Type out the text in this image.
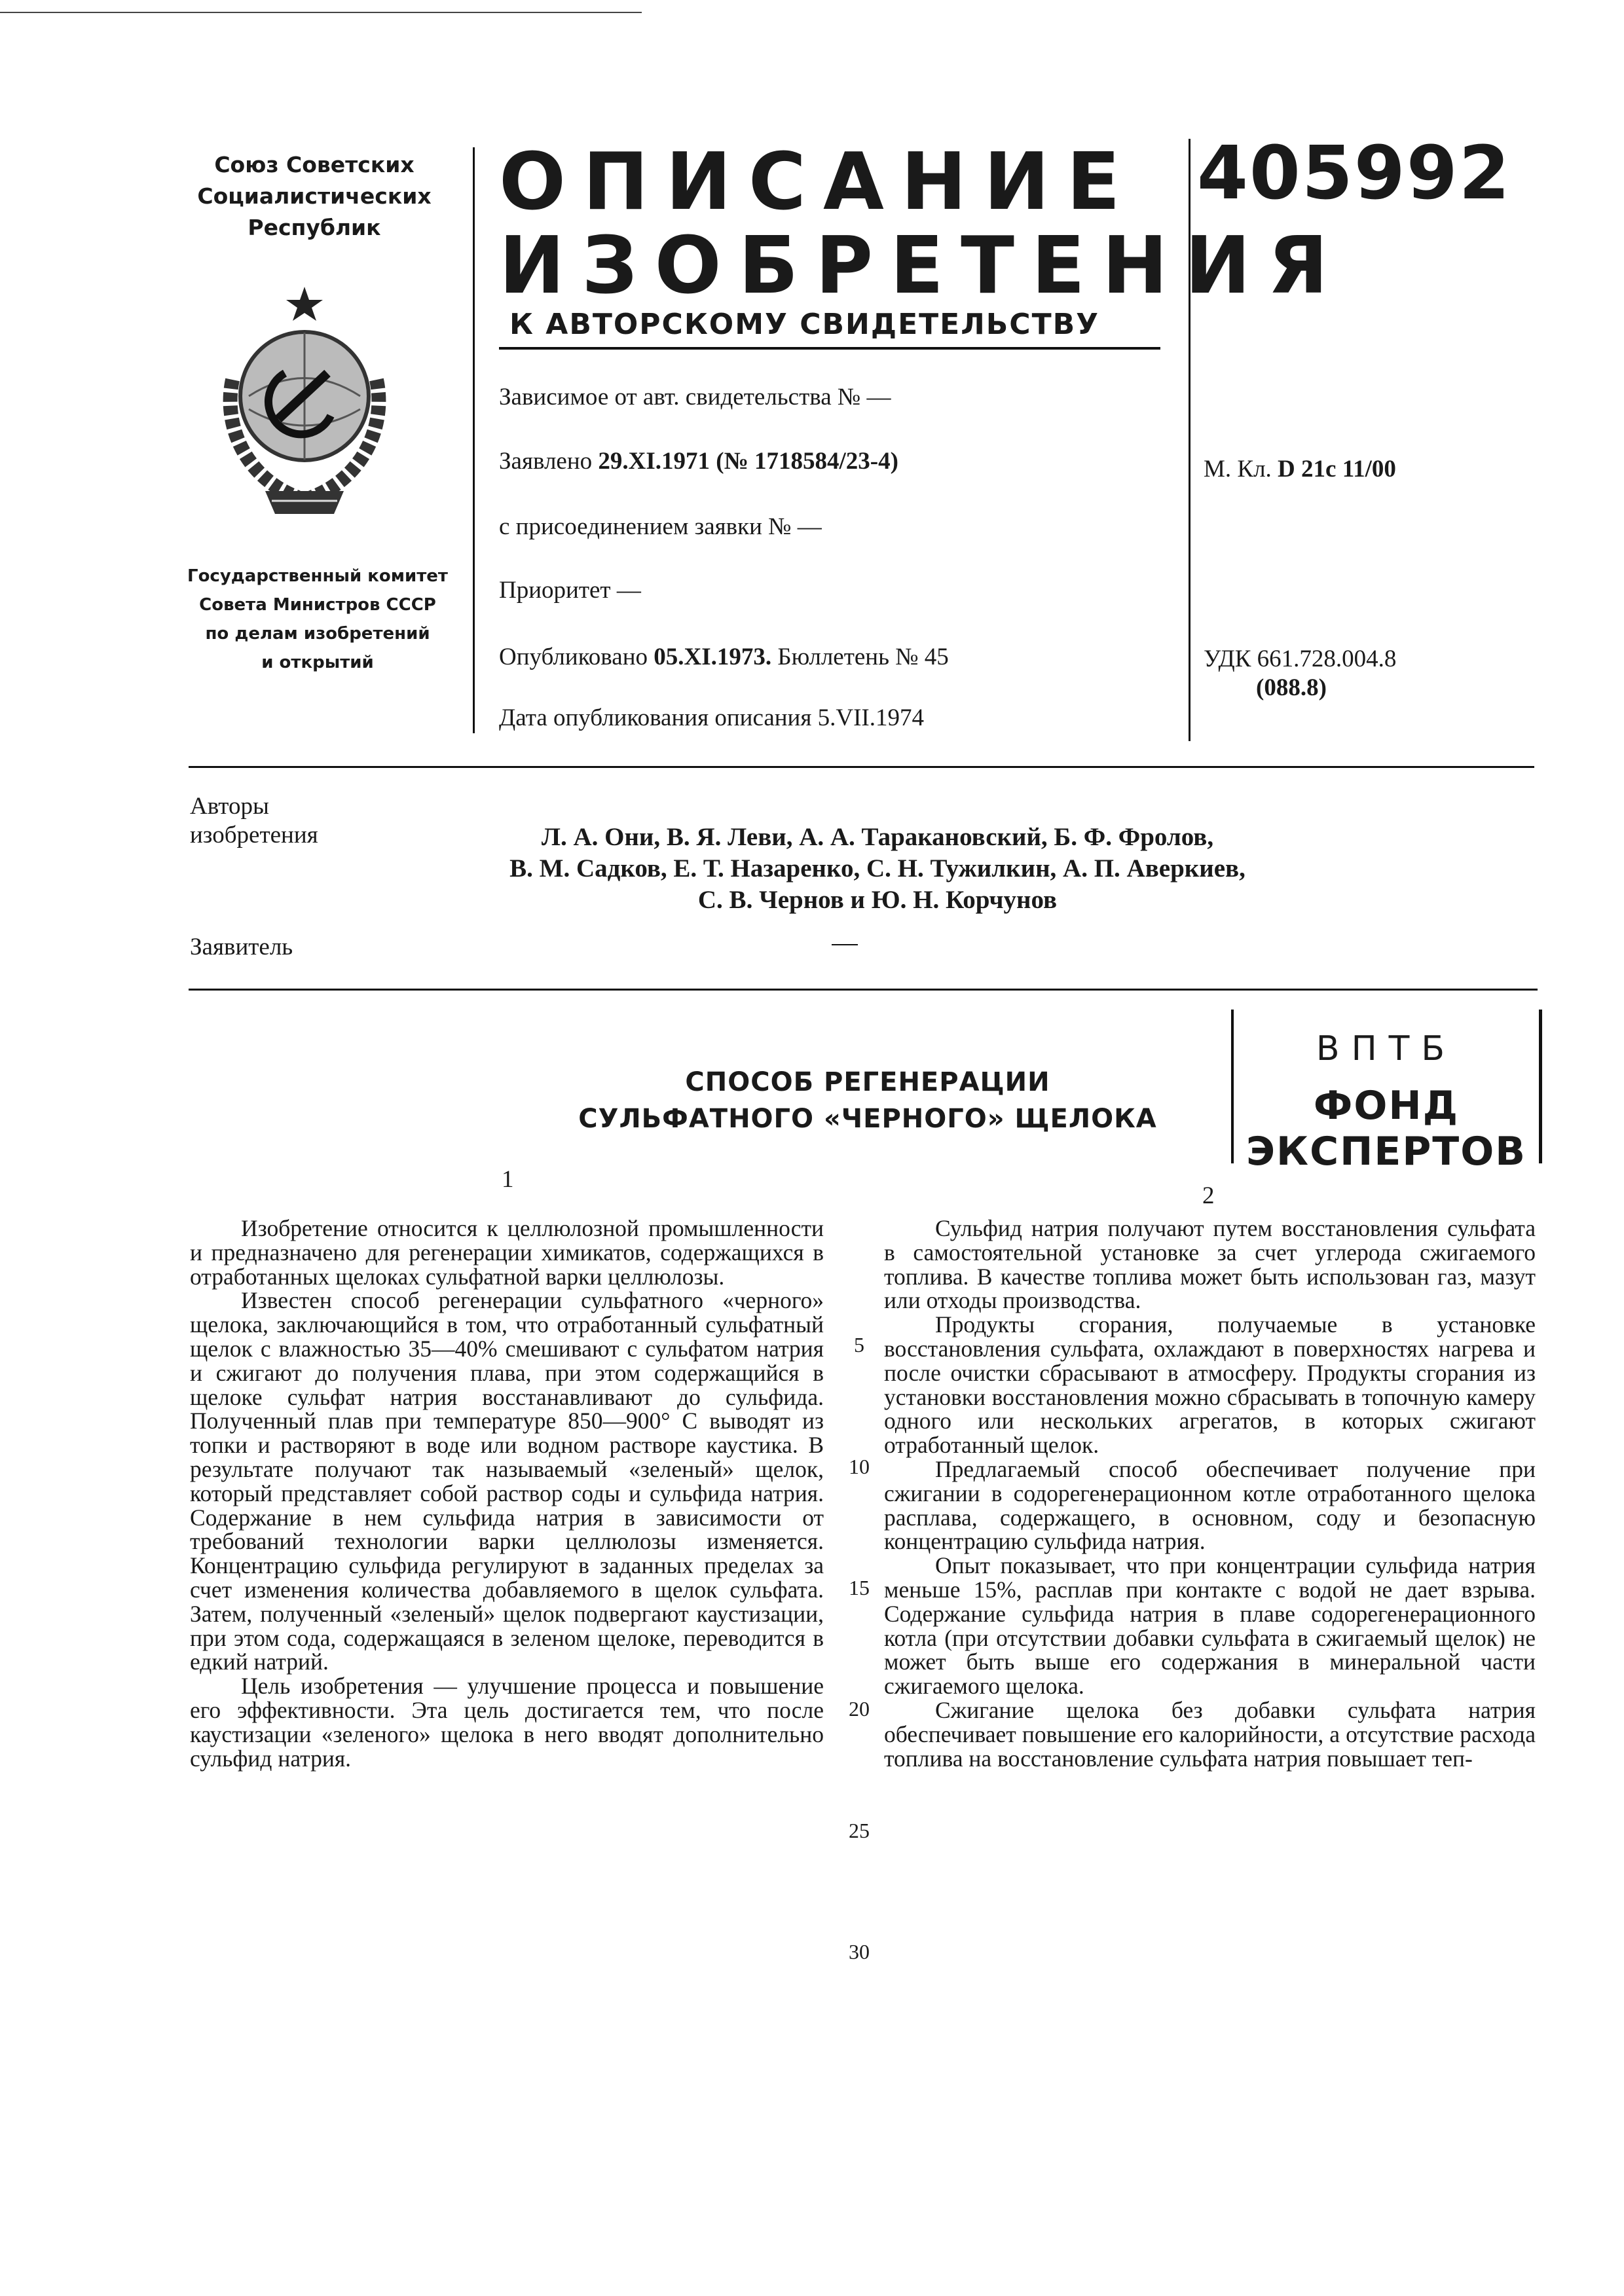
Союз Советских
Социалистических
Республик
Государственный комитет
Совета Министров СССР
по делам изобретений
и открытий
ОПИСАНИЕ
ИЗОБРЕТЕНИЯ
К АВТОРСКОМУ СВИДЕТЕЛЬСТВУ
405992
Зависимое от авт. свидетельства № —
Заявлено 29.XI.1971 (№ 1718584/23-4)
с присоединением заявки № —
Приоритет —
Опубликовано 05.XI.1973. Бюллетень № 45
Дата опубликования описания 5.VII.1974
М. Кл. D 21c 11/00
УДК 661.728.004.8
(088.8)
Авторы
изобретения	Л. А. Они, В. Я. Леви, А. А. Таракановский, Б. Ф. Фролов,
В. М. Садков, Е. Т. Назаренко, С. Н. Тужилкин, А. П. Аверкиев,
С. В. Чернов и Ю. Н. Корчунов
Заявитель
ВПТБ
ФОНД ЭКСПЕРТОВ
СПОСОБ РЕГЕНЕРАЦИИ
СУЛЬФАТНОГО «ЧЕРНОГО» ЩЕЛОКА
1
2

Изобретение относится к целлюлозной промышленности и предназначено для регенерации химикатов, содержащихся в отработанных щелоках сульфатной варки целлюлозы.

Известен способ регенерации сульфатного «черного» щелока, заключающийся в том, что отработанный сульфатный щелок с влажностью 35—40% смешивают с сульфатом натрия и сжигают до получения плава, при этом содержащийся в щелоке сульфат натрия восстанавливают до сульфида. Полученный плав при температуре 850—900° С выводят из топки и растворяют в воде или водном растворе каустика. В результате получают так называемый «зеленый» щелок, который представляет собой раствор соды и сульфида натрия. Содержание в нем сульфида натрия в зависимости от требований технологии варки целлюлозы изменяется. Концентрацию сульфида регулируют в заданных пределах за счет изменения количества добавляемого в щелок сульфата. Затем, полученный «зеленый» щелок подвергают каустизации, при этом сода, содержащаяся в зеленом щелоке, переводится в едкий натрий.

Цель изобретения — улучшение процесса и повышение его эффективности. Эта цель достигается тем, что после каустизации «зеленого» щелока в него вводят дополнительно сульфид натрия.

5
10
15
20
25
30

Сульфид натрия получают путем восстановления сульфата в самостоятельной установке за счет углерода сжигаемого топлива. В качестве топлива может быть использован газ, мазут или отходы производства.

Продукты сгорания, получаемые в установке восстановления сульфата, охлаждают в поверхностях нагрева и после очистки сбрасывают в атмосферу. Продукты сгорания из установки восстановления можно сбрасывать в топочную камеру одного или нескольких агрегатов, в которых сжигают отработанный щелок.

Предлагаемый способ обеспечивает получение при сжигании в содорегенерационном котле отработанного щелока расплава, содержащего, в основном, соду и безопасную концентрацию сульфида натрия.

Опыт показывает, что при концентрации сульфида натрия меньше 15%, расплав при контакте с водой не дает взрыва. Содержание сульфида натрия в плаве содорегенерационного котла (при отсутствии добавки сульфата в сжигаемый щелок) не может быть выше его содержания в минеральной части сжигаемого щелока.

Сжигание щелока без добавки сульфата натрия обеспечивает повышение его калорийности, а отсутствие расхода топлива на восстановление сульфата натрия повышает теп-
